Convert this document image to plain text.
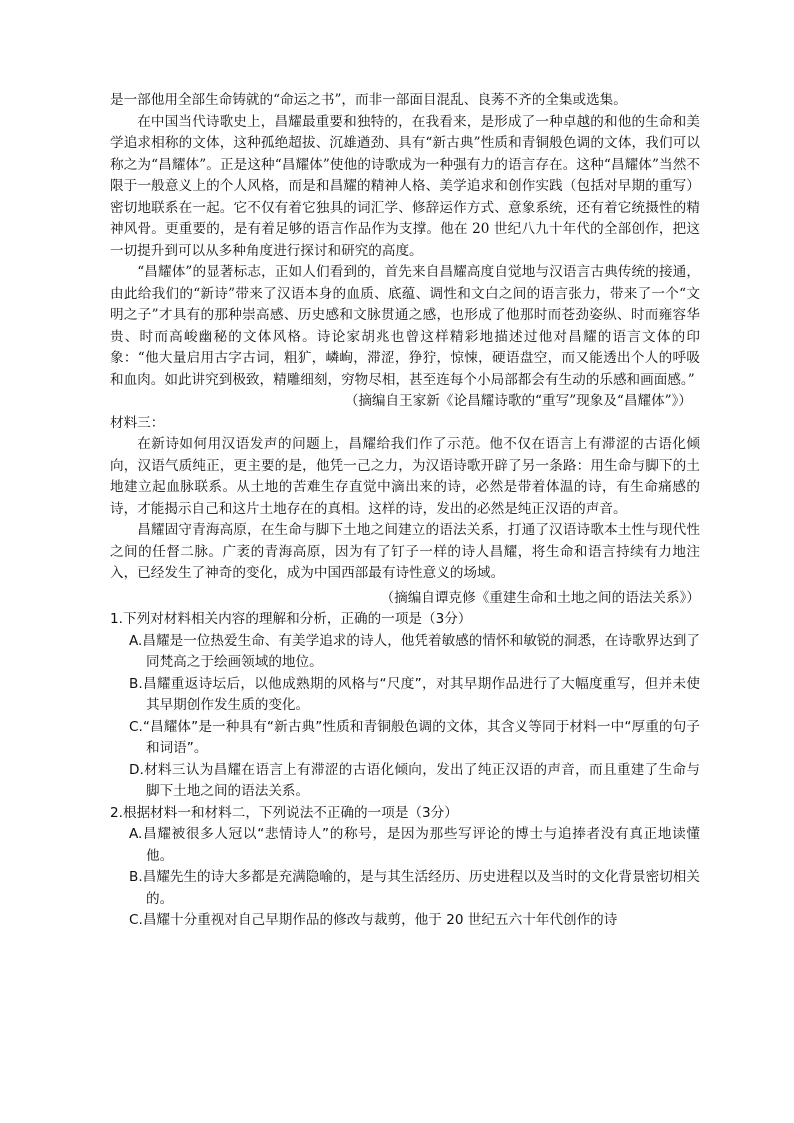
是一部他用全部生命铸就的“命运之书”，而非一部面目混乱、良莠不齐的全集或选集。

在中国当代诗歌史上，昌耀最重要和独特的，在我看来，是形成了一种卓越的和他的生命和美学追求相称的文体，这种孤绝超拔、沉雄遒劲、具有“新古典”性质和青铜般色调的文体，我们可以称之为“昌耀体”。正是这种“昌耀体”使他的诗歌成为一种强有力的语言存在。这种“昌耀体”当然不限于一般意义上的个人风格，而是和昌耀的精神人格、美学追求和创作实践（包括对早期的重写）密切地联系在一起。它不仅有着它独具的词汇学、修辞运作方式、意象系统，还有着它统摄性的精神风骨。更重要的，是有着足够的语言作品作为支撑。他在 20 世纪八九十年代的全部创作，把这一切提升到可以从多种角度进行探讨和研究的高度。

“昌耀体”的显著标志，正如人们看到的，首先来自昌耀高度自觉地与汉语言古典传统的接通，由此给我们的“新诗”带来了汉语本身的血质、底蕴、调性和文白之间的语言张力，带来了一个“文明之子”才具有的那种崇高感、历史感和文脉贯通之感，也形成了他那时而苍劲姿纵、时而雍容华贵、时而高峻幽秘的文体风格。诗论家胡兆也曾这样精彩地描述过他对昌耀的语言文体的印象：“他大量启用古字古词，粗犷，嶙峋，滞涩，狰狞，惊悚，硬语盘空，而又能透出个人的呼吸和血肉。如此讲究到极致，精雕细刻，穷物尽相，甚至连每个小局部都会有生动的乐感和画面感。”

（摘编自王家新《论昌耀诗歌的“重写”现象及“昌耀体”》）

材料三：

在新诗如何用汉语发声的问题上，昌耀给我们作了示范。他不仅在语言上有滞涩的古语化倾向，汉语气质纯正，更主要的是，他凭一己之力，为汉语诗歌开辟了另一条路：用生命与脚下的土地建立起血脉联系。从土地的苦难生存直觉中滴出来的诗，必然是带着体温的诗，有生命痛感的诗，才能揭示自己和这片土地存在的真相。这样的诗，发出的必然是纯正汉语的声音。

昌耀固守青海高原，在生命与脚下土地之间建立的语法关系，打通了汉语诗歌本土性与现代性之间的任督二脉。广袤的青海高原，因为有了钉子一样的诗人昌耀，将生命和语言持续有力地注入，已经发生了神奇的变化，成为中国西部最有诗性意义的场域。

（摘编自谭克修《重建生命和土地之间的语法关系》）

1.下列对材料相关内容的理解和分析，正确的一项是（3分）

A.昌耀是一位热爱生命、有美学追求的诗人，他凭着敏感的情怀和敏锐的洞悉，在诗歌界达到了同梵高之于绘画领域的地位。

B.昌耀重返诗坛后，以他成熟期的风格与“尺度”，对其早期作品进行了大幅度重写，但并未使其早期创作发生质的变化。

C.“昌耀体”是一种具有“新古典”性质和青铜般色调的文体，其含义等同于材料一中“厚重的句子和词语”。

D.材料三认为昌耀在语言上有滞涩的古语化倾向，发出了纯正汉语的声音，而且重建了生命与脚下土地之间的语法关系。

2.根据材料一和材料二，下列说法不正确的一项是（3分）

A.昌耀被很多人冠以“悲情诗人”的称号，是因为那些写评论的博士与追捧者没有真正地读懂他。

B.昌耀先生的诗大多都是充满隐喻的，是与其生活经历、历史进程以及当时的文化背景密切相关的。

C.昌耀十分重视对自己早期作品的修改与裁剪，他于 20 世纪五六十年代创作的诗
